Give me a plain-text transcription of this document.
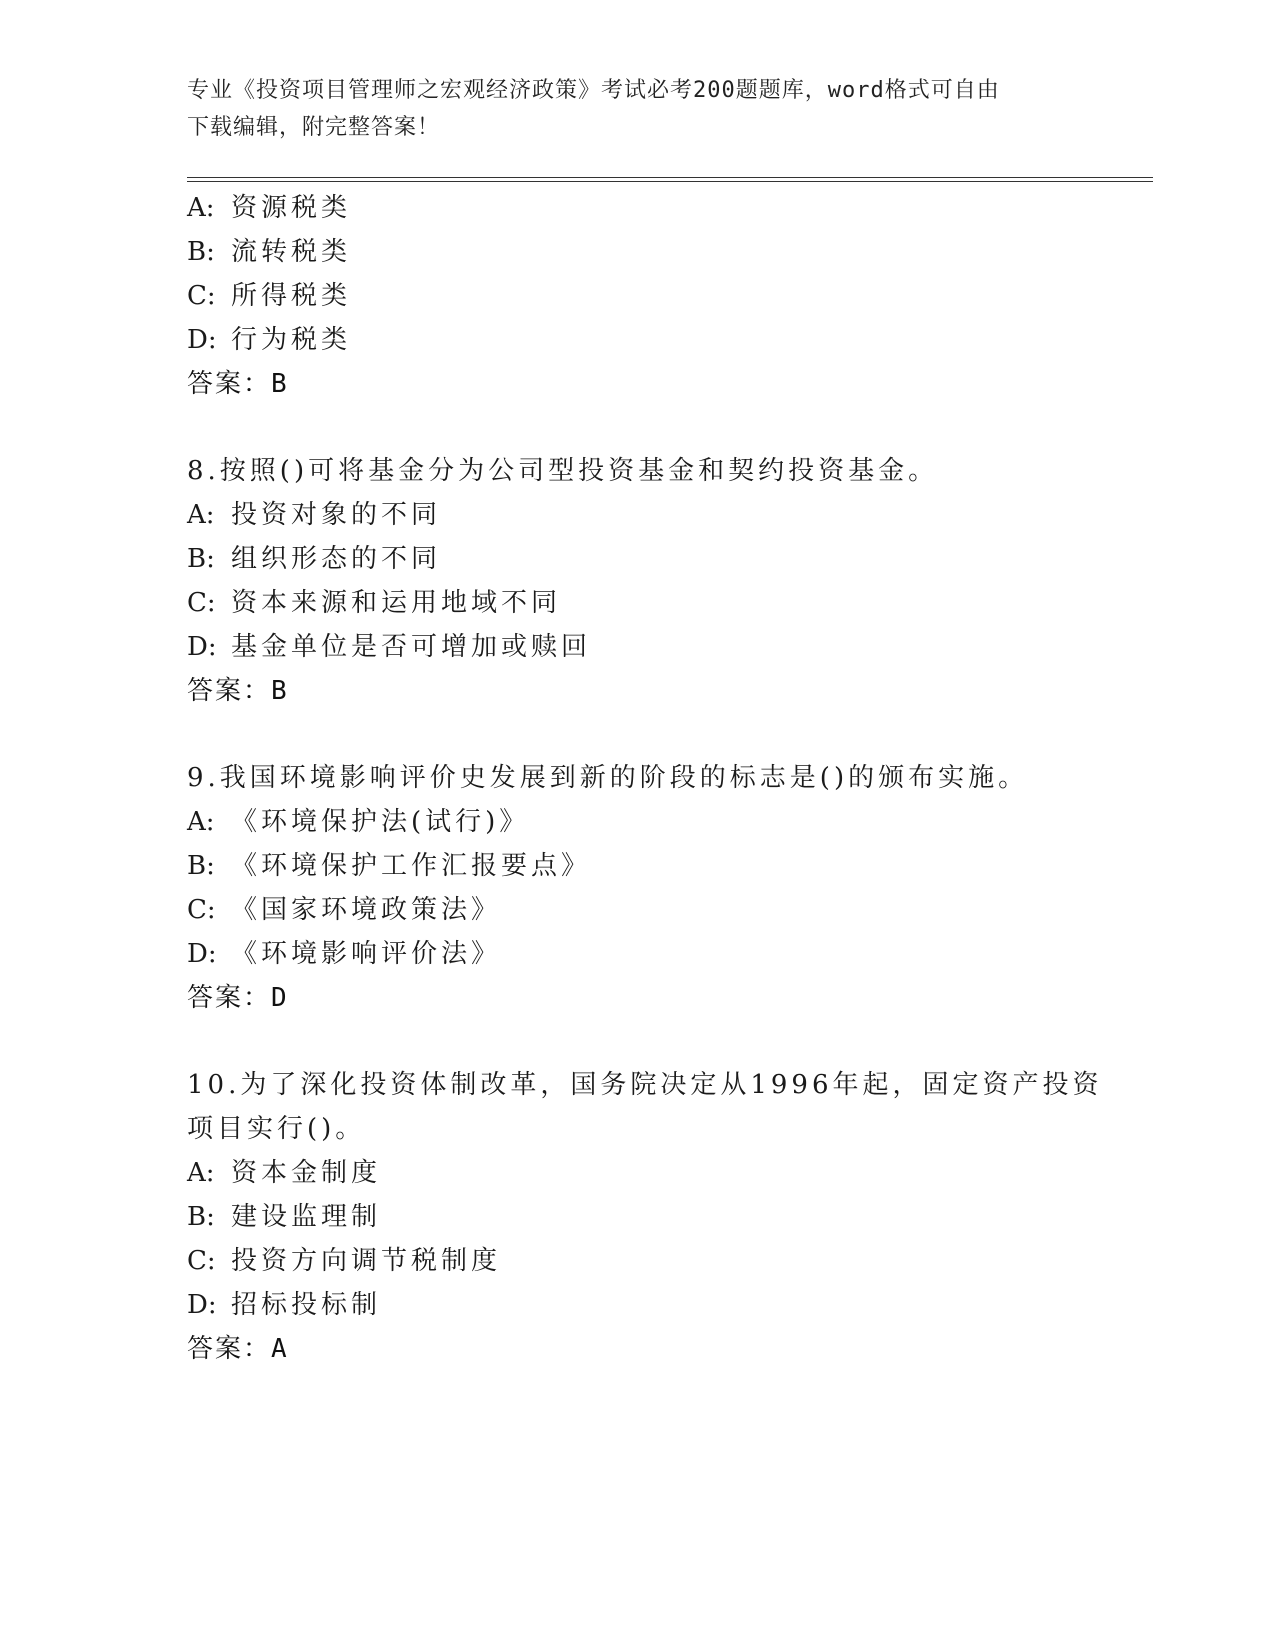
专业《投资项目管理师之宏观经济政策》考试必考200题题库，word格式可自由
下载编辑，附完整答案！
A: 资源税类
B: 流转税类
C: 所得税类
D: 行为税类
答案：B
8.按照()可将基金分为公司型投资基金和契约投资基金。
A: 投资对象的不同
B: 组织形态的不同
C: 资本来源和运用地域不同
D: 基金单位是否可增加或赎回
答案：B
9.我国环境影响评价史发展到新的阶段的标志是()的颁布实施。
A: 《环境保护法(试行)》
B: 《环境保护工作汇报要点》
C: 《国家环境政策法》
D: 《环境影响评价法》
答案：D
10.为了深化投资体制改革，国务院决定从1996年起，固定资产投资
项目实行()。
A: 资本金制度
B: 建设监理制
C: 投资方向调节税制度
D: 招标投标制
答案：A
